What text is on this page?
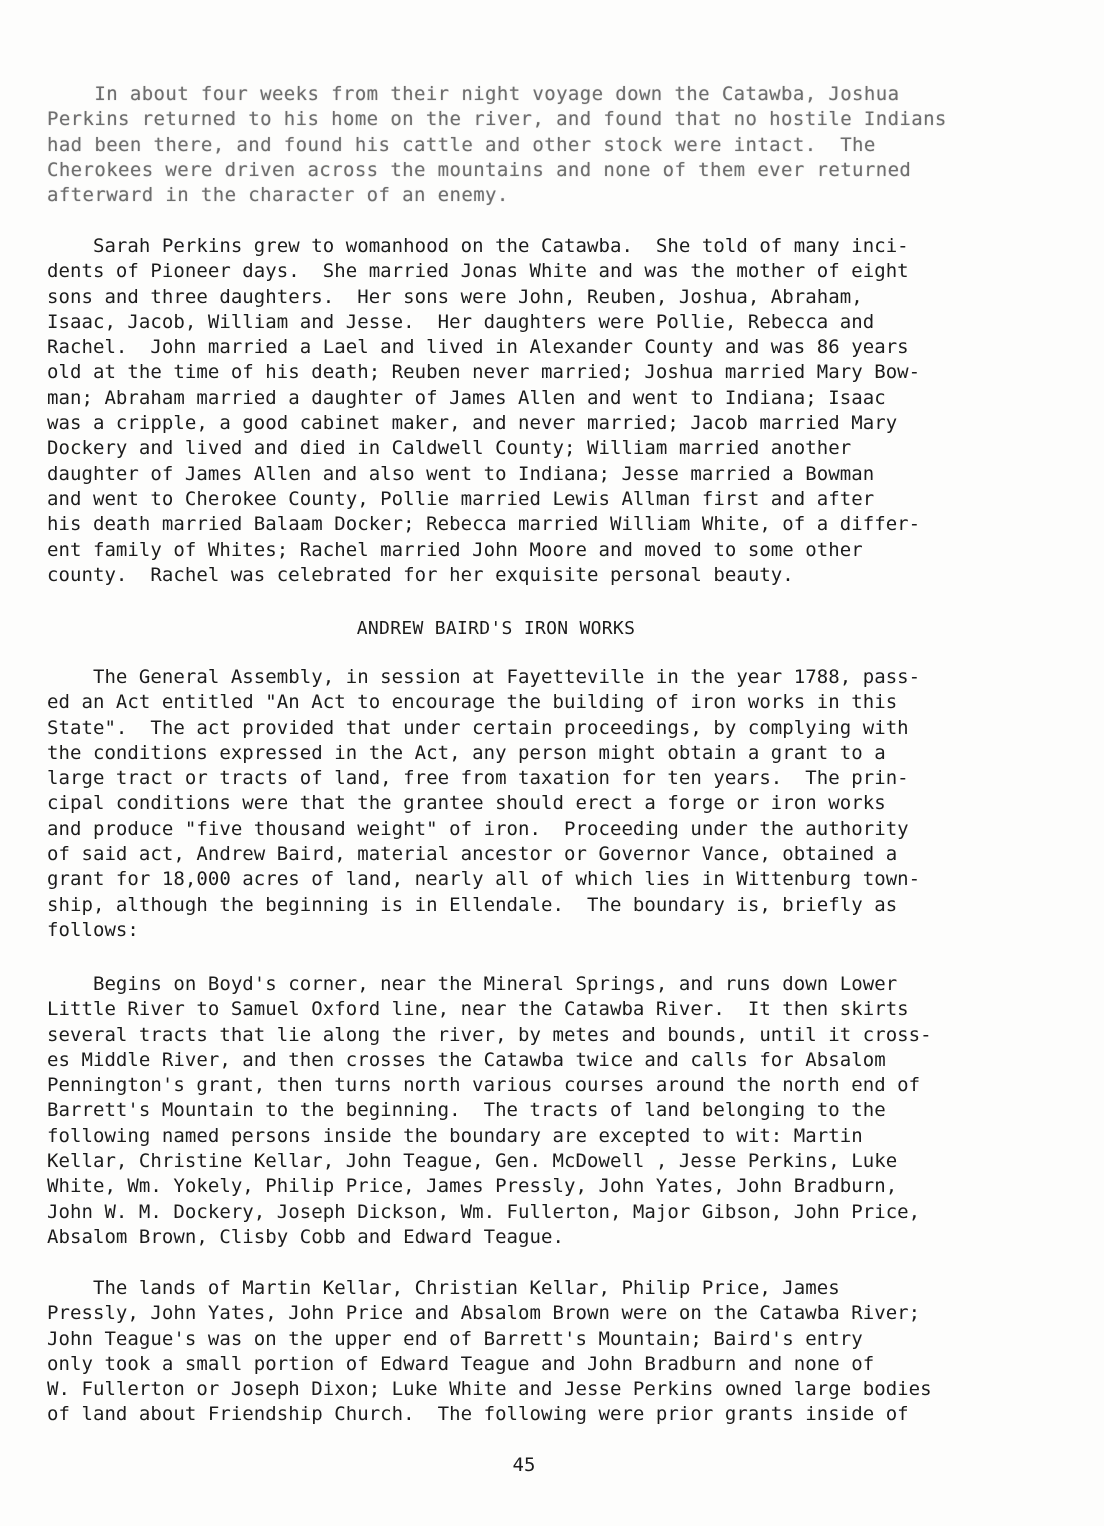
In about four weeks from their night voyage down the Catawba, Joshua
Perkins returned to his home on the river, and found that no hostile Indians
had been there, and found his cattle and other stock were intact.  The
Cherokees were driven across the mountains and none of them ever returned
afterward in the character of an enemy.
Sarah Perkins grew to womanhood on the Catawba.  She told of many inci-
dents of Pioneer days.  She married Jonas White and was the mother of eight
sons and three daughters.  Her sons were John, Reuben, Joshua, Abraham,
Isaac, Jacob, William and Jesse.  Her daughters were Pollie, Rebecca and
Rachel.  John married a Lael and lived in Alexander County and was 86 years
old at the time of his death; Reuben never married; Joshua married Mary Bow-
man; Abraham married a daughter of James Allen and went to Indiana; Isaac
was a cripple, a good cabinet maker, and never married; Jacob married Mary
Dockery and lived and died in Caldwell County; William married another
daughter of James Allen and also went to Indiana; Jesse married a Bowman
and went to Cherokee County, Pollie married Lewis Allman first and after
his death married Balaam Docker; Rebecca married William White, of a differ-
ent family of Whites; Rachel married John Moore and moved to some other
county.  Rachel was celebrated for her exquisite personal beauty.
ANDREW BAIRD'S IRON WORKS
The General Assembly, in session at Fayetteville in the year 1788, pass-
ed an Act entitled "An Act to encourage the building of iron works in this
State".  The act provided that under certain proceedings, by complying with
the conditions expressed in the Act, any person might obtain a grant to a
large tract or tracts of land, free from taxation for ten years.  The prin-
cipal conditions were that the grantee should erect a forge or iron works
and produce "five thousand weight" of iron.  Proceeding under the authority
of said act, Andrew Baird, material ancestor or Governor Vance, obtained a
grant for 18,000 acres of land, nearly all of which lies in Wittenburg town-
ship, although the beginning is in Ellendale.  The boundary is, briefly as
follows:
Begins on Boyd's corner, near the Mineral Springs, and runs down Lower
Little River to Samuel Oxford line, near the Catawba River.  It then skirts
several tracts that lie along the river, by metes and bounds, until it cross-
es Middle River, and then crosses the Catawba twice and calls for Absalom
Pennington's grant, then turns north various courses around the north end of
Barrett's Mountain to the beginning.  The tracts of land belonging to the
following named persons inside the boundary are excepted to wit: Martin
Kellar, Christine Kellar, John Teague, Gen. McDowell , Jesse Perkins, Luke
White, Wm. Yokely, Philip Price, James Pressly, John Yates, John Bradburn,
John W. M. Dockery, Joseph Dickson, Wm. Fullerton, Major Gibson, John Price,
Absalom Brown, Clisby Cobb and Edward Teague.
The lands of Martin Kellar, Christian Kellar, Philip Price, James
Pressly, John Yates, John Price and Absalom Brown were on the Catawba River;
John Teague's was on the upper end of Barrett's Mountain; Baird's entry
only took a small portion of Edward Teague and John Bradburn and none of
W. Fullerton or Joseph Dixon; Luke White and Jesse Perkins owned large bodies
of land about Friendship Church.  The following were prior grants inside of
45
